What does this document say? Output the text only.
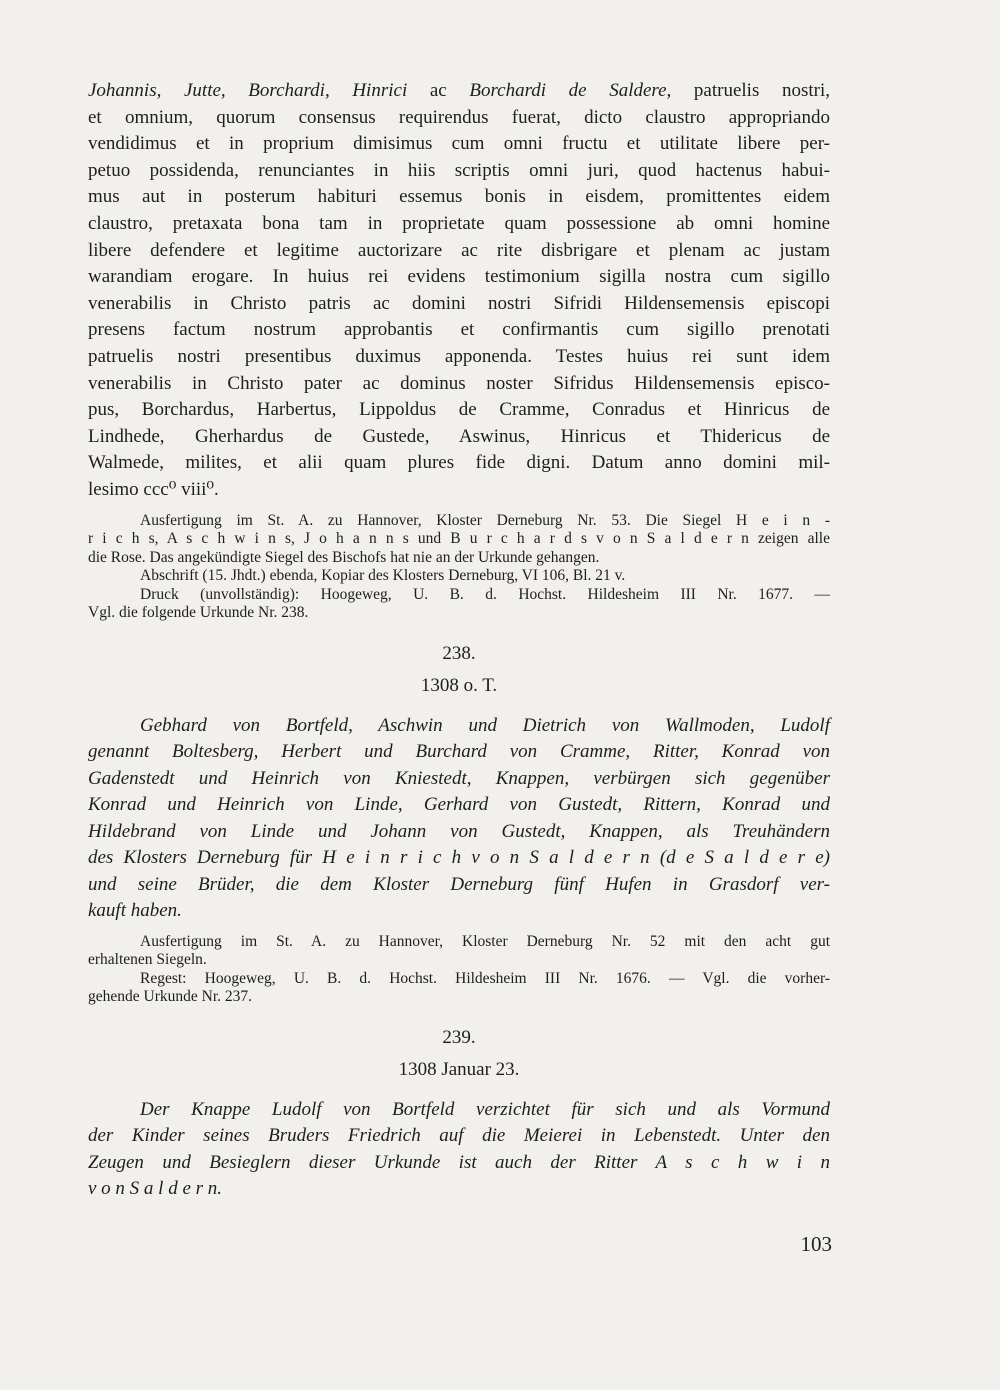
Johannis, Jutte, Borchardi, Hinrici ac Borchardi de Saldere, patruelis nostri,
et omnium, quorum consensus requirendus fuerat, dicto claustro appropriando
vendidimus et in proprium dimisimus cum omni fructu et utilitate libere per-
petuo possidenda, renunciantes in hiis scriptis omni juri, quod hactenus habui-
mus aut in posterum habituri essemus bonis in eisdem, promittentes eidem
claustro, pretaxata bona tam in proprietate quam possessione ab omni homine
libere defendere et legitime auctorizare ac rite disbrigare et plenam ac justam
warandiam erogare. In huius rei evidens testimonium sigilla nostra cum sigillo
venerabilis in Christo patris ac domini nostri Sifridi Hildensemensis episcopi
presens factum nostrum approbantis et confirmantis cum sigillo prenotati
patruelis nostri presentibus duximus apponenda. Testes huius rei sunt idem
venerabilis in Christo pater ac dominus noster Sifridus Hildensemensis episco-
pus, Borchardus, Harbertus, Lippoldus de Cramme, Conradus et Hinricus de
Lindhede, Gherhardus de Gustede, Aswinus, Hinricus et Thidericus de
Walmede, milites, et alii quam plures fide digni. Datum anno domini mil-
lesimo ccc⁰ viii⁰.

Ausfertigung im St. A. zu Hannover, Kloster Derneburg Nr. 53. Die Siegel H e i n -
r i c h s, A s c h w i n s, J o h a n n s und B u r c h a r d s v o n S a l d e r n zeigen alle
die Rose. Das angekündigte Siegel des Bischofs hat nie an der Urkunde gehangen.
Abschrift (15. Jhdt.) ebenda, Kopiar des Klosters Derneburg, VI 106, Bl. 21 v.
Druck (unvollständig): Hoogeweg, U. B. d. Hochst. Hildesheim III Nr. 1677. —
Vgl. die folgende Urkunde Nr. 238.
238.
1308 o. T.
Gebhard von Bortfeld, Aschwin und Dietrich von Wallmoden, Ludolf
genannt Boltesberg, Herbert und Burchard von Cramme, Ritter, Konrad von
Gadenstedt und Heinrich von Kniestedt, Knappen, verbürgen sich gegenüber
Konrad und Heinrich von Linde, Gerhard von Gustedt, Rittern, Konrad und
Hildebrand von Linde und Johann von Gustedt, Knappen, als Treuhändern
des Klosters Derneburg für H e i n r i c h v o n S a l d e r n (d e S a l d e r e)
und seine Brüder, die dem Kloster Derneburg fünf Hufen in Grasdorf ver-
kauft haben.
Ausfertigung im St. A. zu Hannover, Kloster Derneburg Nr. 52 mit den acht gut
erhaltenen Siegeln.
Regest: Hoogeweg, U. B. d. Hochst. Hildesheim III Nr. 1676. — Vgl. die vorher-
gehende Urkunde Nr. 237.
239.
1308 Januar 23.
Der Knappe Ludolf von Bortfeld verzichtet für sich und als Vormund
der Kinder seines Bruders Friedrich auf die Meierei in Lebenstedt. Unter den
Zeugen und Besieglern dieser Urkunde ist auch der Ritter A s c h w i n
v o n S a l d e r n.
103
